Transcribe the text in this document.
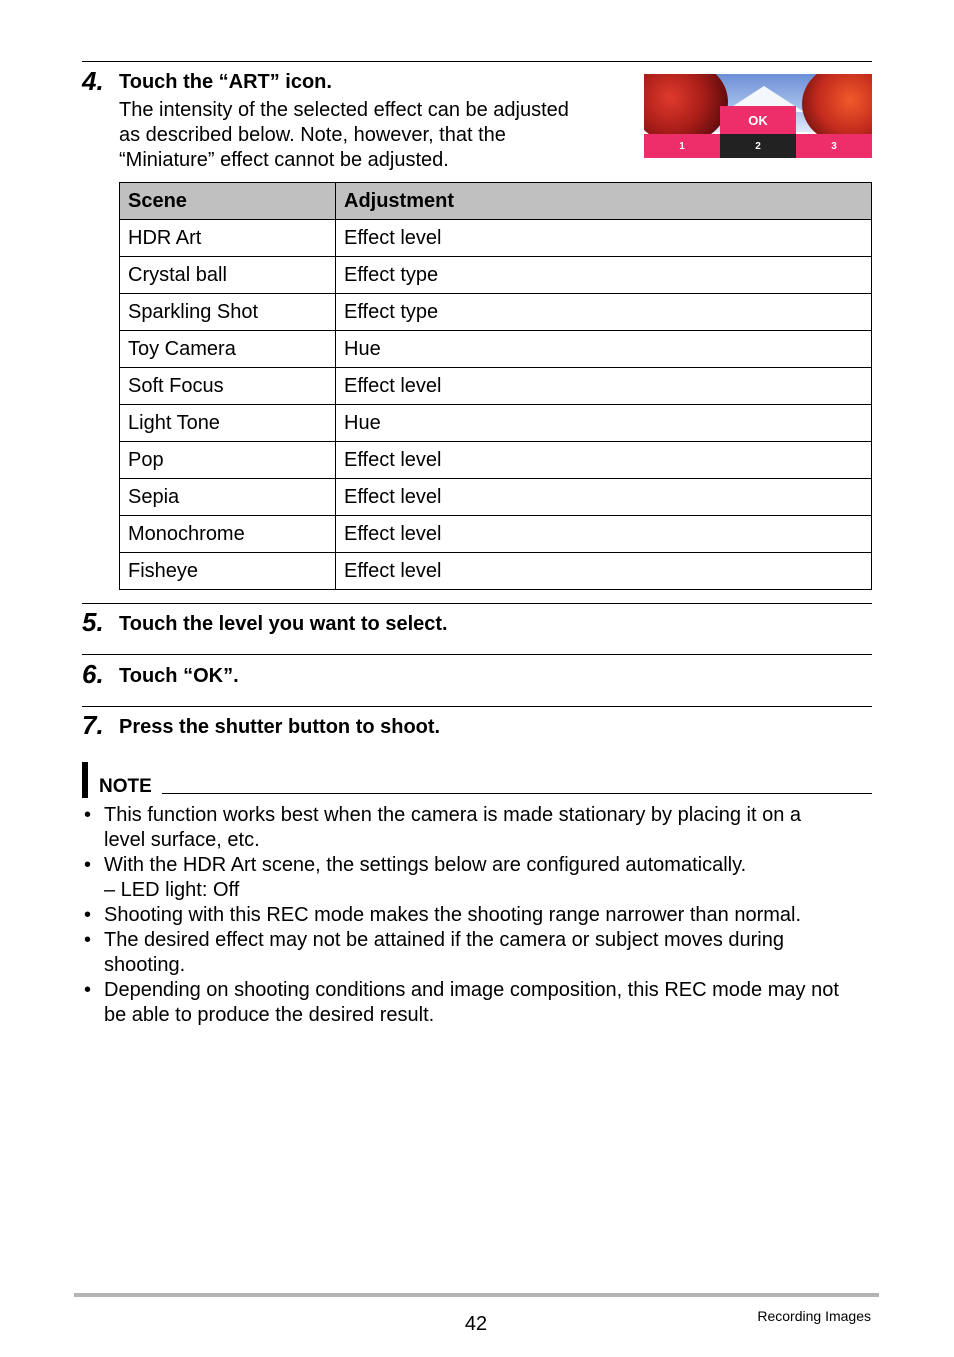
4. Touch the “ART” icon.
The intensity of the selected effect can be adjusted
as described below. Note, however, that the
“Miniature” effect cannot be adjusted.
OK
1	2	3
Scene	Adjustment
HDR Art	Effect level
Crystal ball	Effect type
Sparkling Shot	Effect type
Toy Camera	Hue
Soft Focus	Effect level
Light Tone	Hue
Pop	Effect level
Sepia	Effect level
Monochrome	Effect level
Fisheye	Effect level
5. Touch the level you want to select.
6. Touch “OK”.
7. Press the shutter button to shoot.
NOTE
• This function works best when the camera is made stationary by placing it on a
level surface, etc.
• With the HDR Art scene, the settings below are configured automatically.
– LED light: Off
• Shooting with this REC mode makes the shooting range narrower than normal.
• The desired effect may not be attained if the camera or subject moves during
shooting.
• Depending on shooting conditions and image composition, this REC mode may not
be able to produce the desired result.
42	Recording Images
